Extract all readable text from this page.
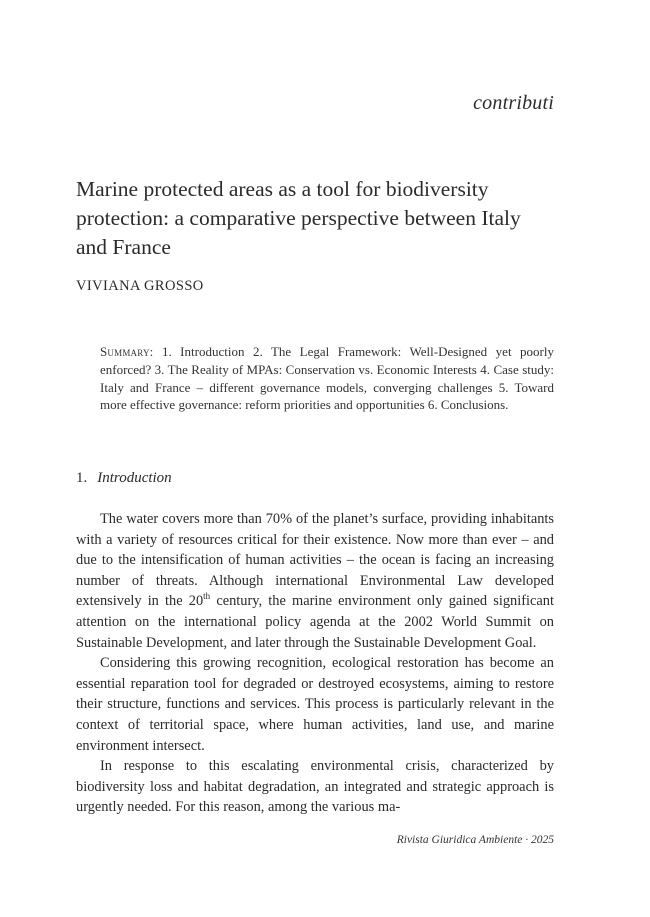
contributi
Marine protected areas as a tool for biodiversity protection: a comparative perspective between Italy and France
VIVIANA GROSSO

Summary: 1. Introduction 2. The Legal Framework: Well-Designed yet poorly enforced? 3. The Reality of MPAs: Conservation vs. Economic Interests 4. Case study: Italy and France – different governance models, converging challenges 5. Toward more effective governance: reform priorities and opportunities 6. Conclusions.

1. Introduction

The water covers more than 70% of the planet’s surface, providing inhabitants with a variety of resources critical for their existence. Now more than ever – and due to the intensification of human activities – the ocean is facing an increasing number of threats. Although international Environmental Law developed extensively in the 20th century, the marine environment only gained significant attention on the international policy agenda at the 2002 World Summit on Sustainable Development, and later through the Sustainable Development Goal.

Considering this growing recognition, ecological restoration has become an essential reparation tool for degraded or destroyed ecosystems, aiming to restore their structure, functions and services. This process is particularly relevant in the context of territorial space, where human activities, land use, and marine environment intersect.

In response to this escalating environmental crisis, characterized by biodiversity loss and habitat degradation, an integrated and strategic approach is urgently needed. For this reason, among the various ma-

Rivista Giuridica Ambiente · 2025
